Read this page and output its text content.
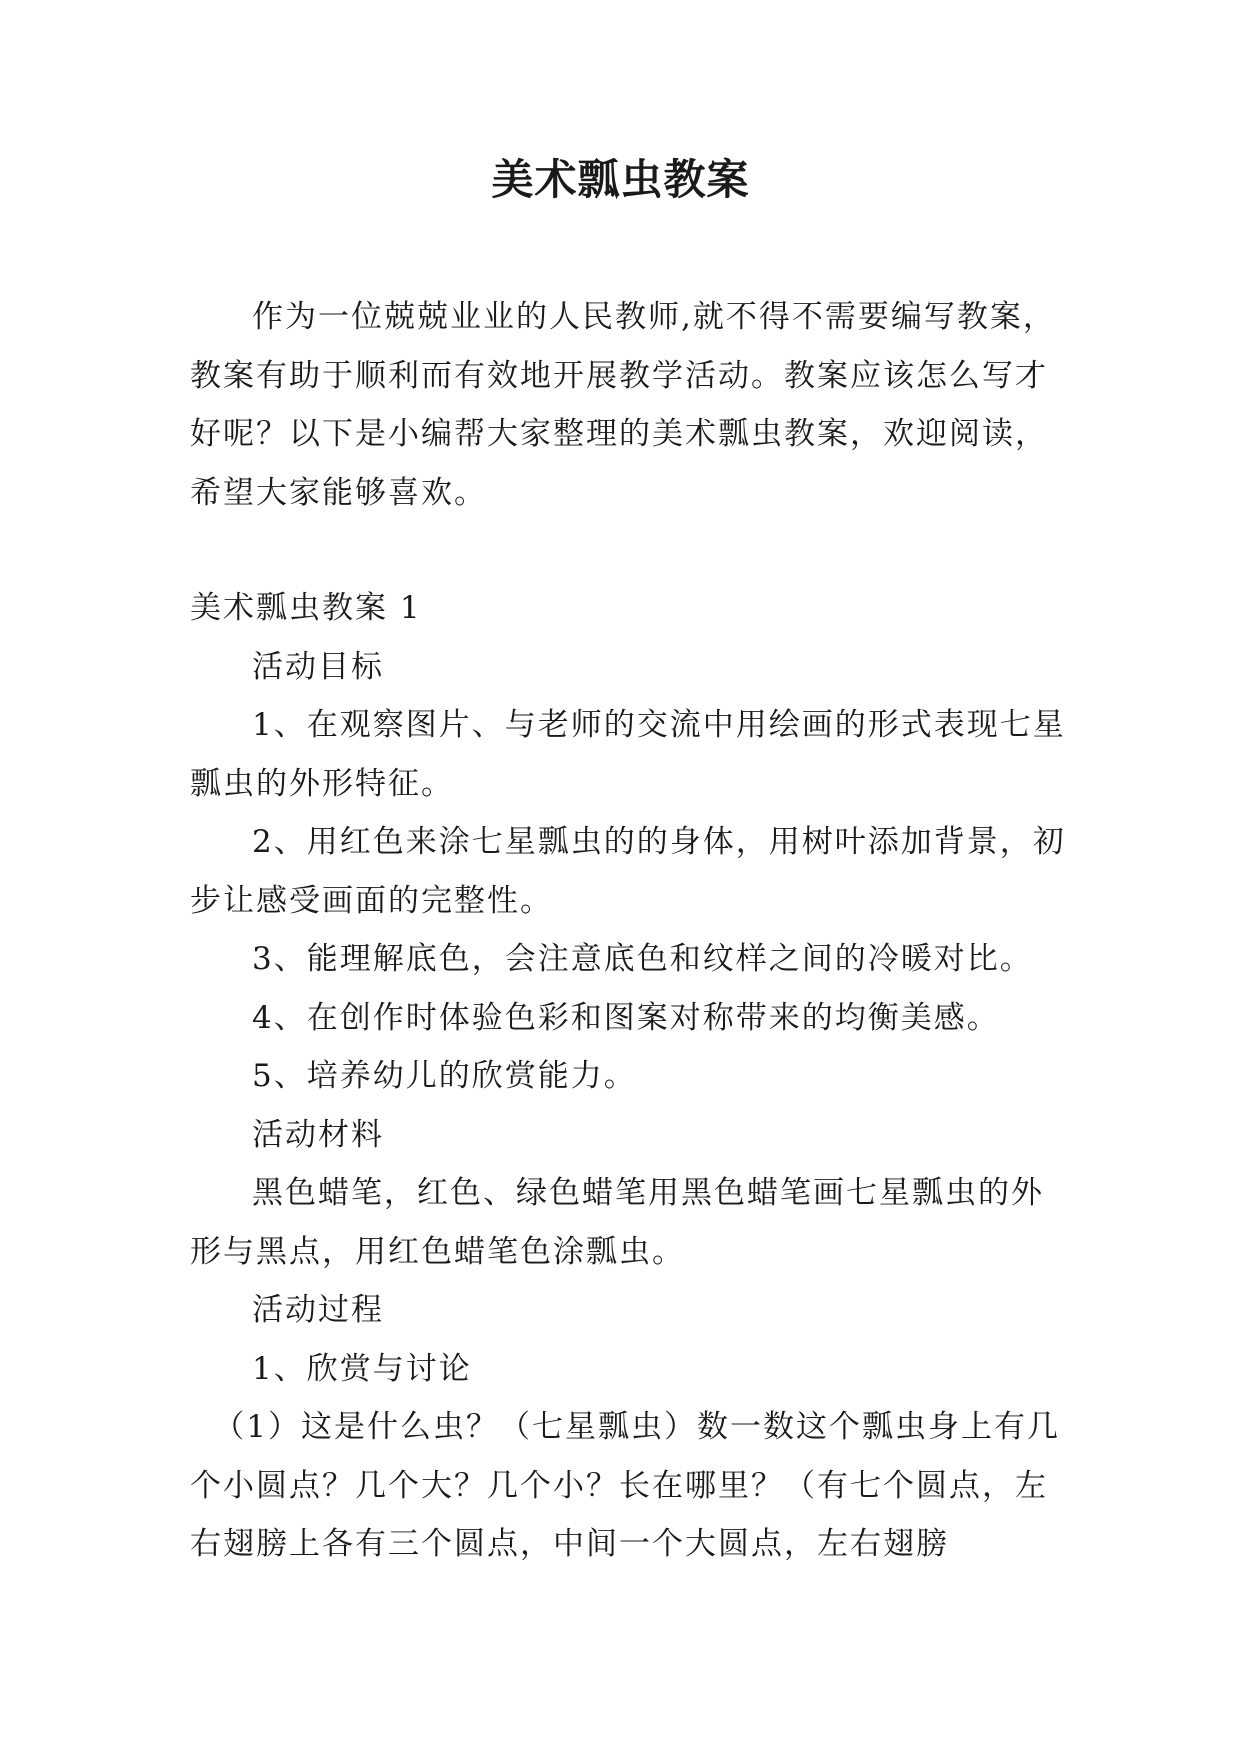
美术瓢虫教案

作为一位兢兢业业的人民教师,就不得不需要编写教案，教案有助于顺利而有效地开展教学活动。教案应该怎么写才好呢？以下是小编帮大家整理的美术瓢虫教案，欢迎阅读，希望大家能够喜欢。

美术瓢虫教案 1

活动目标

1、在观察图片、与老师的交流中用绘画的形式表现七星瓢虫的外形特征。

2、用红色来涂七星瓢虫的的身体，用树叶添加背景，初步让感受画面的完整性。

3、能理解底色，会注意底色和纹样之间的冷暖对比。

4、在创作时体验色彩和图案对称带来的均衡美感。

5、培养幼儿的欣赏能力。

活动材料

黑色蜡笔，红色、绿色蜡笔用黑色蜡笔画七星瓢虫的外形与黑点，用红色蜡笔色涂瓢虫。

活动过程

1、欣赏与讨论

（1）这是什么虫？（七星瓢虫）数一数这个瓢虫身上有几个小圆点？几个大？几个小？长在哪里？（有七个圆点，左右翅膀上各有三个圆点，中间一个大圆点，左右翅膀
